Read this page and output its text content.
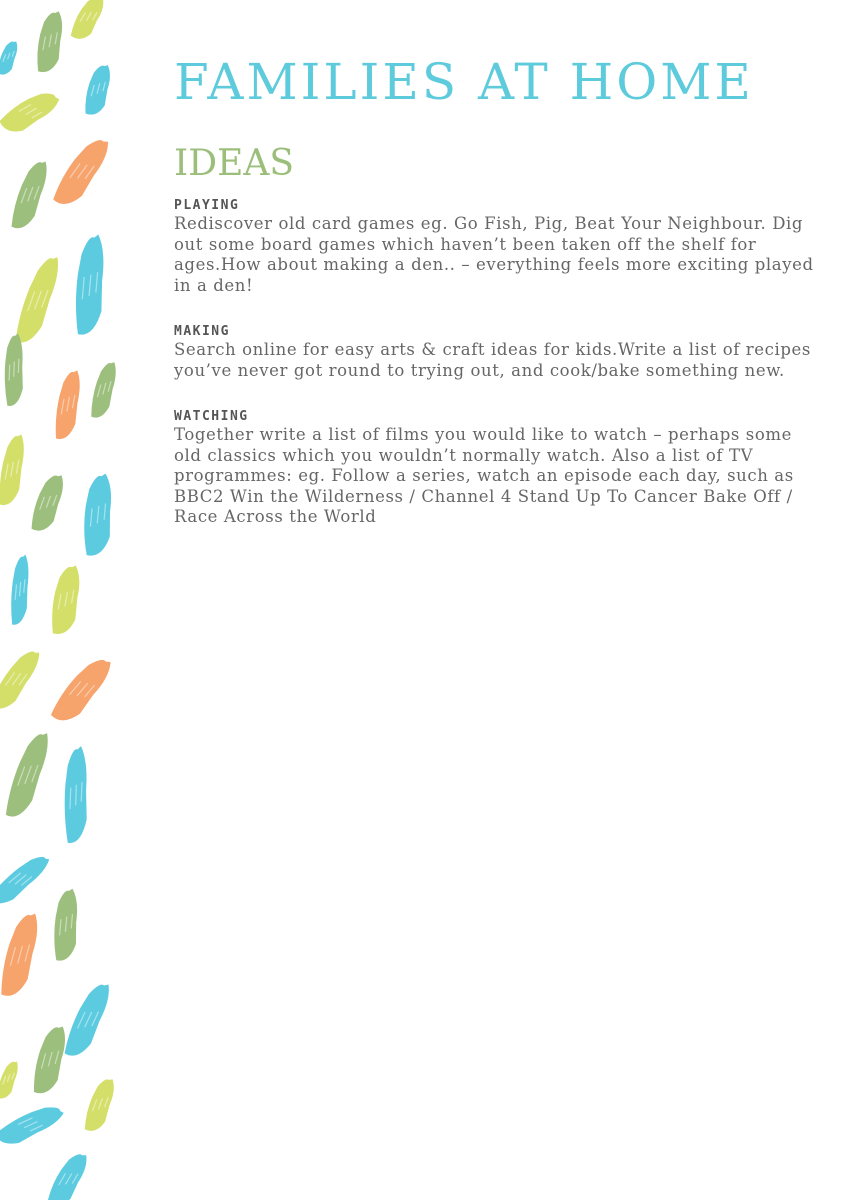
FAMILIES AT HOME
IDEAS

PLAYING

Rediscover old card games eg. Go Fish, Pig, Beat Your Neighbour. Dig out some board games which haven’t been taken off the shelf for ages.How about making a den.. – everything feels more exciting played in a den!

MAKING

Search online for easy arts & craft ideas for kids.Write a list of recipes you’ve never got round to trying out, and cook/bake something new.

WATCHING

Together write a list of films you would like to watch – perhaps some old classics which you wouldn’t normally watch. Also a list of TV programmes: eg. Follow a series, watch an episode each day, such as BBC2 Win the Wilderness / Channel 4 Stand Up To Cancer Bake Off / Race Across the World
